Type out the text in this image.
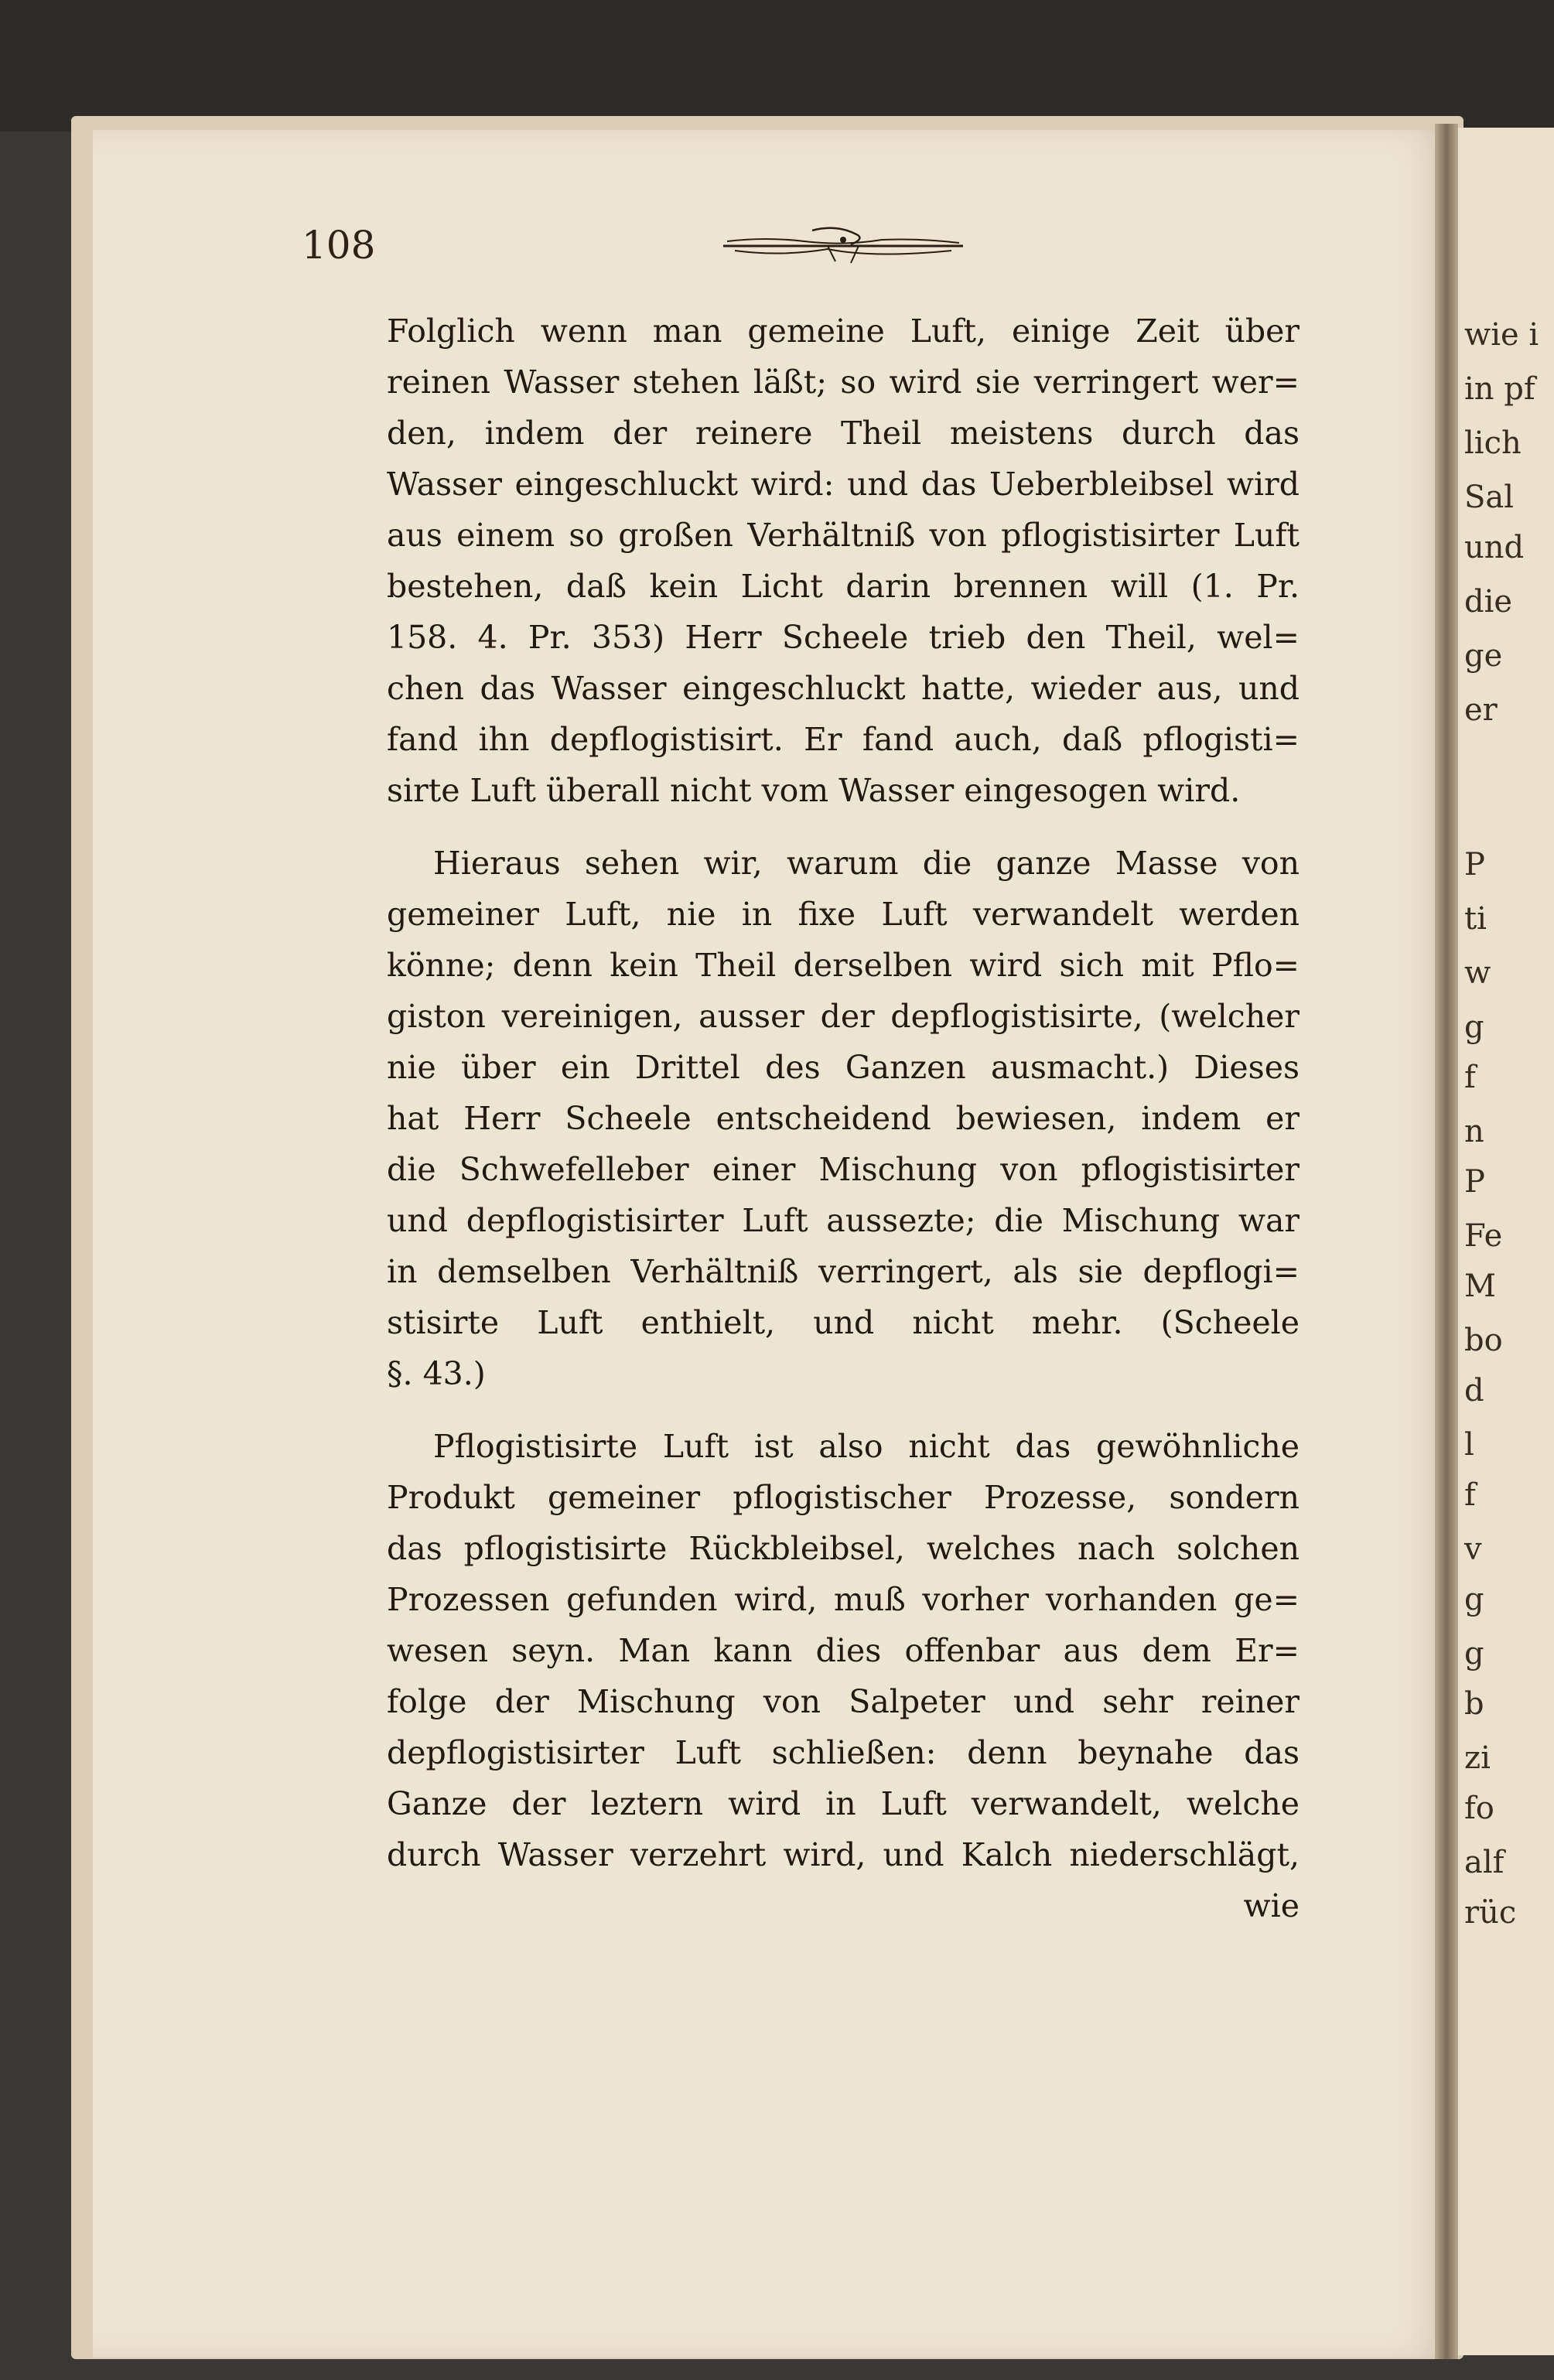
wie i
in pf
lich
Sal
und
die
ge
er
P
ti
w
g
f
n
P
Fe
M
bo
d
l
f
v
g
g
b
zi
fo
alf
rüc
108
Folglich wenn man gemeine Luft, einige Zeit über
reinen Wasser stehen läßt; so wird sie verringert wer=
den, indem der reinere Theil meistens durch das
Wasser eingeschluckt wird: und das Ueberbleibsel wird
aus einem so großen Verhältniß von pflogistisirter Luft
bestehen, daß kein Licht darin brennen will (1. Pr.
158. 4. Pr. 353) Herr Scheele trieb den Theil, wel=
chen das Wasser eingeschluckt hatte, wieder aus, und
fand ihn depflogistisirt. Er fand auch, daß pflogisti=
sirte Luft überall nicht vom Wasser eingesogen wird.
Hieraus sehen wir, warum die ganze Masse von
gemeiner Luft, nie in fixe Luft verwandelt werden
könne; denn kein Theil derselben wird sich mit Pflo=
giston vereinigen, ausser der depflogistisirte, (welcher
nie über ein Drittel des Ganzen ausmacht.) Dieses
hat Herr Scheele entscheidend bewiesen, indem er
die Schwefelleber einer Mischung von pflogistisirter
und depflogistisirter Luft aussezte; die Mischung war
in demselben Verhältniß verringert, als sie depflogi=
stisirte Luft enthielt, und nicht mehr. (Scheele
§. 43.)
Pflogistisirte Luft ist also nicht das gewöhnliche
Produkt gemeiner pflogistischer Prozesse, sondern
das pflogistisirte Rückbleibsel, welches nach solchen
Prozessen gefunden wird, muß vorher vorhanden ge=
wesen seyn. Man kann dies offenbar aus dem Er=
folge der Mischung von Salpeter und sehr reiner
depflogistisirter Luft schließen: denn beynahe das
Ganze der leztern wird in Luft verwandelt, welche
durch Wasser verzehrt wird, und Kalch niederschlägt,
wie
